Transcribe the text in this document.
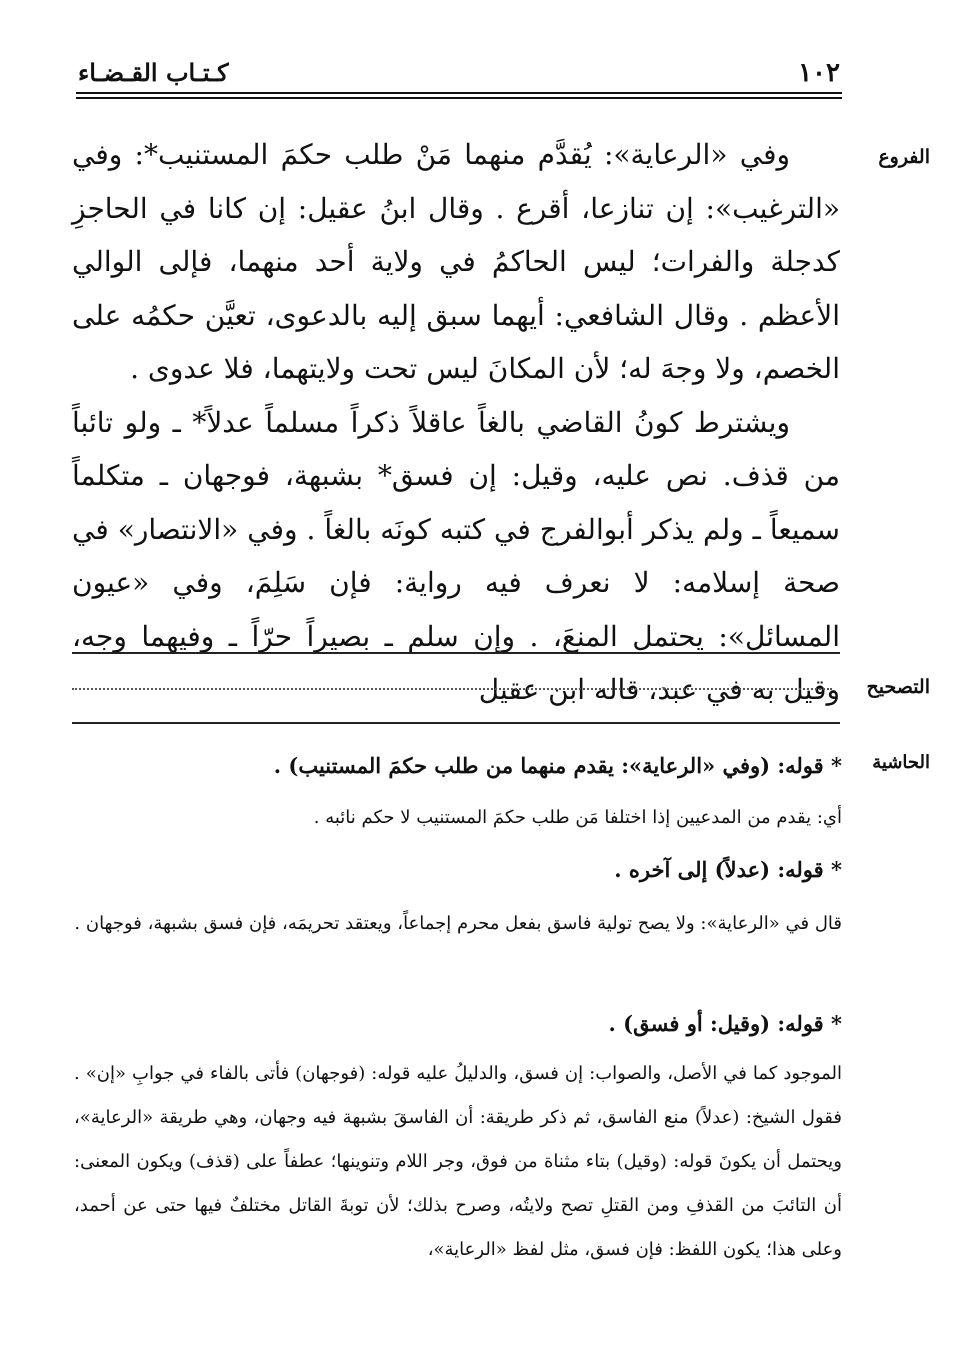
١٠٢
كـتـاب القـضـاء
الفروع

وفي «الرعاية»: يُقدَّم منهما مَنْ طلب حكمَ المستنيب*: وفي «الترغيب»: إن تنازعا، أقرع . وقال ابنُ عقيل: إن كانا في الحاجزِ كدجلة والفرات؛ ليس الحاكمُ في ولاية أحد منهما، فإلى الوالي الأعظم . وقال الشافعي: أيهما سبق إليه بالدعوى، تعيَّن حكمُه على الخصم، ولا وجهَ له؛ لأن المكانَ ليس تحت ولايتهما، فلا عدوى .

ويشترط كونُ القاضي بالغاً عاقلاً ذكراً مسلماً عدلاً* ـ ولو تائباً من قذف. نص عليه، وقيل: إن فسق* بشبهة، فوجهان ـ متكلماً سميعاً ـ ولم يذكر أبوالفرج في كتبه كونَه بالغاً . وفي «الانتصار» في صحة إسلامه: لا نعرف فيه رواية: فإن سَلِمَ، وفي «عيون المسائل»: يحتمل المنعَ، . وإن سلم ـ بصيراً حرّاً ـ وفيهما وجه، وقيل به في عبد، قاله ابن عقيل التصحيح
الحاشية
* قوله: (وفي «الرعاية»: يقدم منهما من طلب حكمَ المستنيب) .
أي: يقدم من المدعيين إذا اختلفا مَن طلب حكمَ المستنيب لا حكم نائبه .
* قوله: (عدلاً) إلى آخره .
قال في «الرعاية»: ولا يصح تولية فاسق بفعل محرم إجماعاً، ويعتقد تحريمَه، فإن فسق بشبهة، فوجهان .
* قوله: (وقيل: أو فسق) .
الموجود كما في الأصل، والصواب: إن فسق، والدليلُ عليه قوله: (فوجهان) فأتى بالفاء في جوابِ «إن» . فقول الشيخ: (عدلاً) منع الفاسق، ثم ذكر طريقة: أن الفاسقَ بشبهة فيه وجهان، وهي طريقة «الرعاية»، ويحتمل أن يكونَ قوله: (وقيل) بتاء مثناة من فوق، وجر اللام وتنوينها؛ عطفاً على (قذف) ويكون المعنى: أن التائبَ من القذفِ ومن القتلِ تصح ولايتُه، وصرح بذلك؛ لأن توبةَ القاتل مختلفٌ فيها حتى عن أحمد، وعلى هذا؛ يكون اللفظ: فإن فسق، مثل لفظ «الرعاية»،
